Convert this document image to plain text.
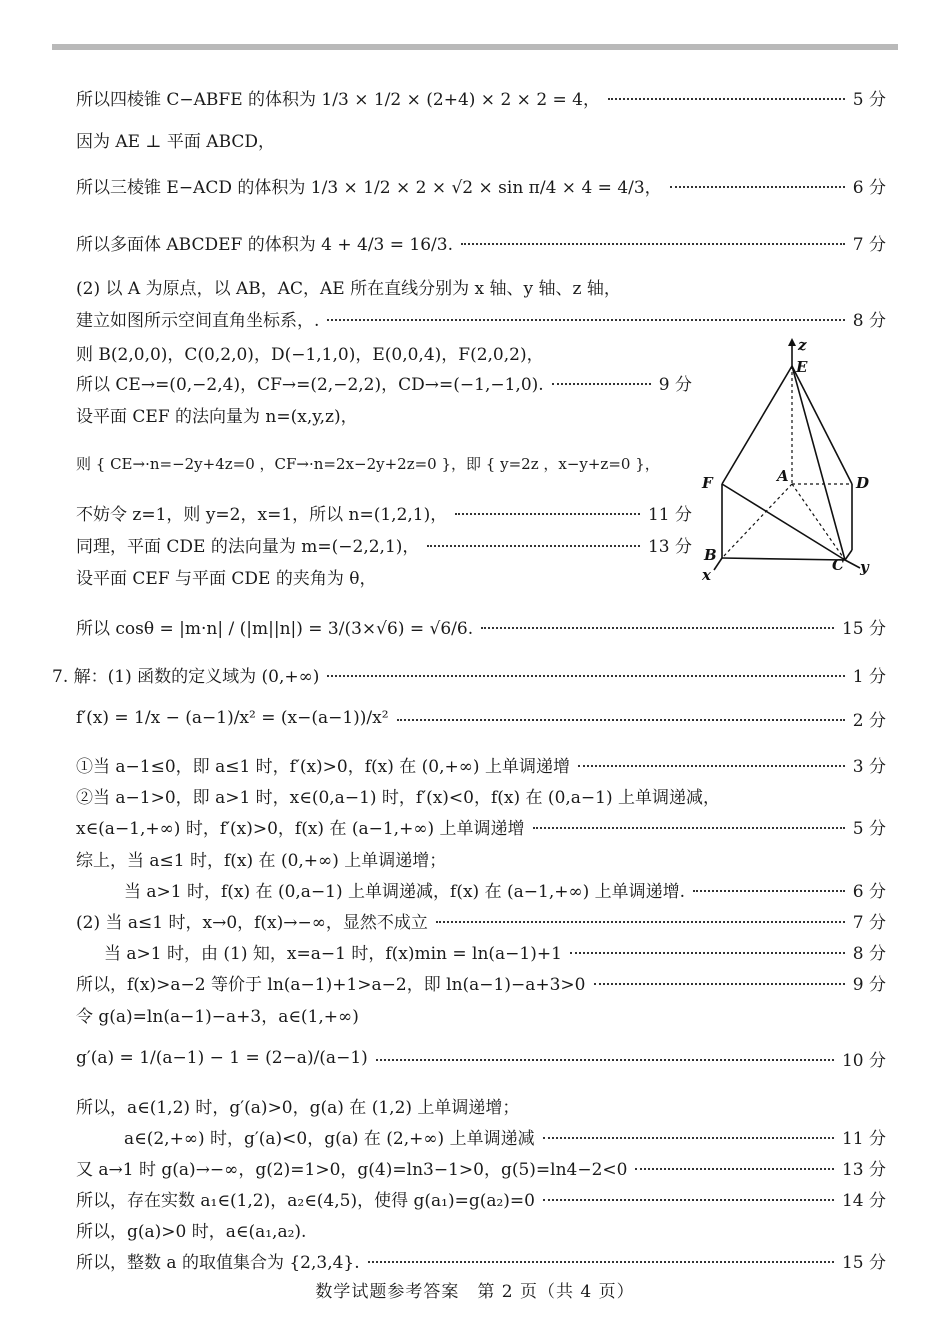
所以四棱锥 C−ABFE 的体积为 1/3 × 1/2 × (2+4) × 2 × 2 = 4，	5 分
因为 AE ⊥ 平面 ABCD，
所以三棱锥 E−ACD 的体积为 1/3 × 1/2 × 2 × √2 × sin π/4 × 4 = 4/3，	6 分
所以多面体 ABCDEF 的体积为 4 + 4/3 = 16/3.	7 分
(2) 以 A 为原点，以 AB，AC，AE 所在直线分别为 x 轴、y 轴、z 轴，
建立如图所示空间直角坐标系，.	8 分
则 B(2,0,0)，C(0,2,0)，D(−1,1,0)，E(0,0,4)，F(2,0,2)，
所以 CE→=(0,−2,4)，CF→=(2,−2,2)，CD→=(−1,−1,0).	9 分
设平面 CEF 的法向量为 n=(x,y,z)，
则 { CE→·n=−2y+4z=0 ，CF→·n=2x−2y+2z=0 }，即 { y=2z ，x−y+z=0 }，
不妨令 z=1，则 y=2，x=1，所以 n=(1,2,1)，	11 分
同理，平面 CDE 的法向量为 m=(−2,2,1)，	13 分
设平面 CEF 与平面 CDE 的夹角为 θ，
所以 cosθ = |m·n| / (|m||n|) = 3/(3×√6) = √6/6.	15 分
7. 解：(1) 函数的定义域为 (0,+∞)	1 分
f′(x) = 1/x − (a−1)/x² = (x−(a−1))/x²	2 分
①当 a−1≤0，即 a≤1 时，f′(x)>0，f(x) 在 (0,+∞) 上单调递增	3 分
②当 a−1>0，即 a>1 时，x∈(0,a−1) 时，f′(x)<0，f(x) 在 (0,a−1) 上单调递减，
x∈(a−1,+∞) 时，f′(x)>0，f(x) 在 (a−1,+∞) 上单调递增	5 分
综上，当 a≤1 时，f(x) 在 (0,+∞) 上单调递增；
当 a>1 时，f(x) 在 (0,a−1) 上单调递减，f(x) 在 (a−1,+∞) 上单调递增.	6 分
(2) 当 a≤1 时，x→0，f(x)→−∞，显然不成立	7 分
当 a>1 时，由 (1) 知，x=a−1 时，f(x)min = ln(a−1)+1	8 分
所以，f(x)>a−2 等价于 ln(a−1)+1>a−2，即 ln(a−1)−a+3>0	9 分
令 g(a)=ln(a−1)−a+3，a∈(1,+∞)
g′(a) = 1/(a−1) − 1 = (2−a)/(a−1)	10 分
所以，a∈(1,2) 时，g′(a)>0，g(a) 在 (1,2) 上单调递增；
a∈(2,+∞) 时，g′(a)<0，g(a) 在 (2,+∞) 上单调递减	11 分
又 a→1 时 g(a)→−∞，g(2)=1>0，g(4)=ln3−1>0，g(5)=ln4−2<0	13 分
所以，存在实数 a₁∈(1,2)，a₂∈(4,5)，使得 g(a₁)=g(a₂)=0	14 分
所以，g(a)>0 时，a∈(a₁,a₂).
所以，整数 a 的取值集合为 {2,3,4}.	15 分
z
E
A	D
F
B
C
x	y
数学试题参考答案　第 2 页（共 4 页）
